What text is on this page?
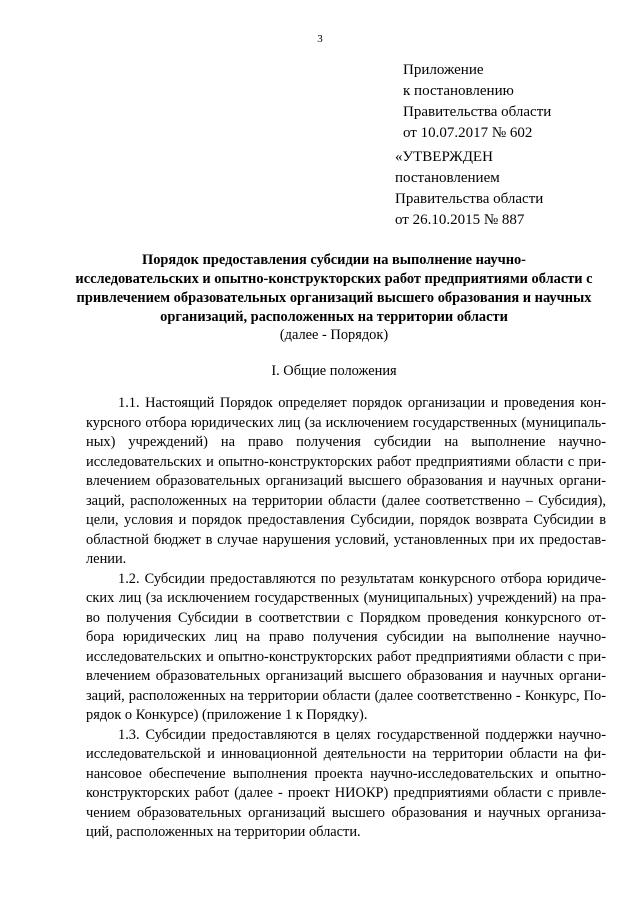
3
Приложение
к постановлению
Правительства области
от 10.07.2017 № 602
«УТВЕРЖДЕН
постановлением
Правительства области
от 26.10.2015 № 887
Порядок предоставления субсидии на выполнение научно-
исследовательских и опытно-конструкторских работ предприятиями области с
привлечением образовательных организаций высшего образования и научных
организаций, расположенных на территории области
(далее - Порядок)
I. Общие положения
1.1. Настоящий Порядок определяет порядок организации и проведения кон-
курсного отбора юридических лиц (за исключением государственных (муниципаль-
ных) учреждений) на право получения субсидии на выполнение научно-
исследовательских и опытно-конструкторских работ предприятиями области с при-
влечением образовательных организаций высшего образования и научных органи-
заций, расположенных на территории области (далее соответственно – Субсидия),
цели, условия и порядок предоставления Субсидии, порядок возврата Субсидии в
областной бюджет в случае нарушения условий, установленных при их предостав-
лении.
1.2. Субсидии предоставляются по результатам конкурсного отбора юридиче-
ских лиц (за исключением государственных (муниципальных) учреждений) на пра-
во получения Субсидии в соответствии с Порядком проведения конкурсного от-
бора юридических лиц на право получения субсидии на выполнение научно-
исследовательских и опытно-конструкторских работ предприятиями области с при-
влечением образовательных организаций высшего образования и научных органи-
заций, расположенных на территории области (далее соответственно - Конкурс, По-
рядок о Конкурсе) (приложение 1 к Порядку).
1.3. Субсидии предоставляются в целях государственной поддержки научно-
исследовательской и инновационной деятельности на территории области на фи-
нансовое обеспечение выполнения проекта научно-исследовательских и опытно-
конструкторских работ (далее - проект НИОКР) предприятиями области с привле-
чением образовательных организаций высшего образования и научных организа-
ций, расположенных на территории области.
